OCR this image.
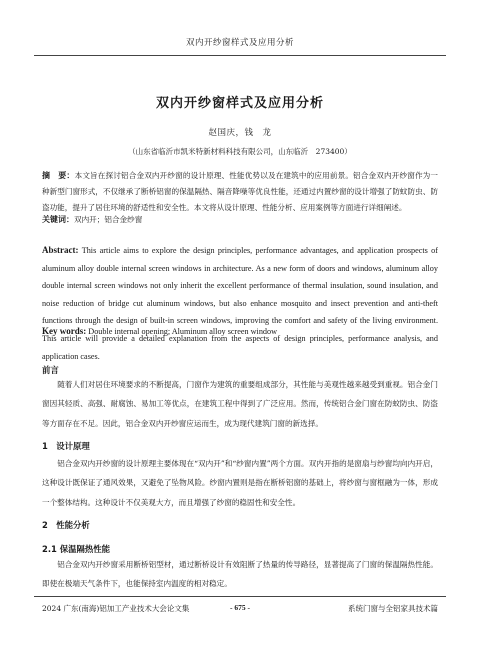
双内开纱窗样式及应用分析
双内开纱窗样式及应用分析
赵国庆，钱　龙
（山东省临沂市凯米特新材料科技有限公司，山东临沂　273400）
摘　要：本文旨在探讨铝合金双内开纱窗的设计原理、性能优势以及在建筑中的应用前景。铝合金双内开纱窗作为一种新型门窗形式，不仅继承了断桥铝窗的保温隔热、隔音降噪等优良性能，还通过内置纱窗的设计增强了防蚊防虫、防盗功能，提升了居住环境的舒适性和安全性。本文将从设计原理、性能分析、应用案例等方面进行详细阐述。
关键词：双内开；铝合金纱窗
Abstract: This article aims to explore the design principles, performance advantages, and application prospects of aluminum alloy double internal screen windows in architecture. As a new form of doors and windows, aluminum alloy double internal screen windows not only inherit the excellent performance of thermal insulation, sound insulation, and noise reduction of bridge cut aluminum windows, but also enhance mosquito and insect prevention and anti-theft functions through the design of built-in screen windows, improving the comfort and safety of the living environment. This article will provide a detailed explanation from the aspects of design principles, performance analysis, and application cases.
Key words: Double internal opening; Aluminum alloy screen window
前言
随着人们对居住环境要求的不断提高，门窗作为建筑的重要组成部分，其性能与美观性越来越受到重视。铝合金门窗因其轻质、高强、耐腐蚀、易加工等优点，在建筑工程中得到了广泛应用。然而，传统铝合金门窗在防蚊防虫、防盗等方面存在不足。因此，铝合金双内开纱窗应运而生，成为现代建筑门窗的新选择。
1　设计原理
铝合金双内开纱窗的设计原理主要体现在“双内开”和“纱窗内置”两个方面。双内开指的是窗扇与纱窗均向内开启，这种设计既保证了通风效果，又避免了坠物风险。纱窗内置则是指在断桥铝窗的基础上，将纱窗与窗框融为一体，形成一个整体结构。这种设计不仅美观大方，而且增强了纱窗的稳固性和安全性。
2　性能分析
2.1 保温隔热性能
铝合金双内开纱窗采用断桥铝型材，通过断桥设计有效阻断了热量的传导路径，显著提高了门窗的保温隔热性能。即使在极端天气条件下，也能保持室内温度的相对稳定。
2024 广东(南海)铝加工产业技术大会论文集	- 675 -	系统门窗与全铝家具技术篇
